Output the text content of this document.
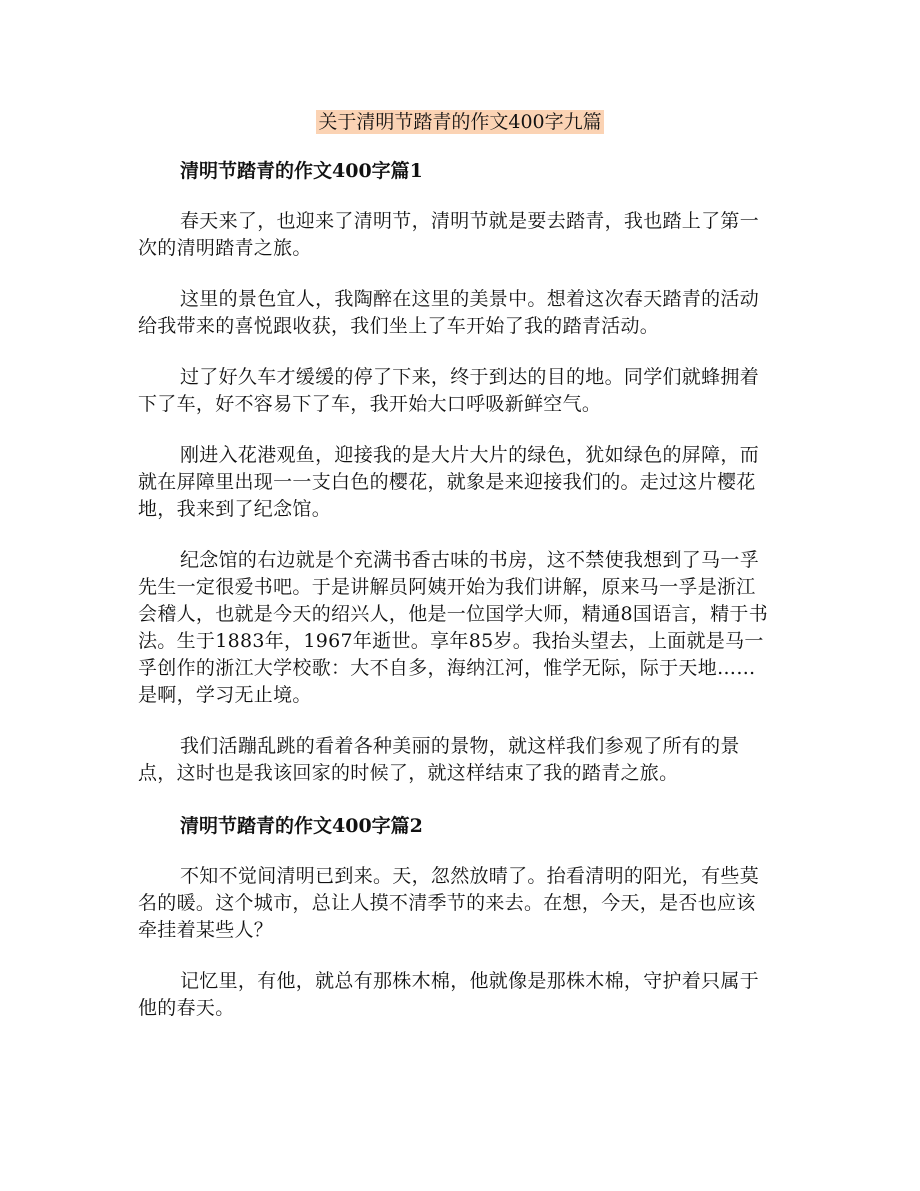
关于清明节踏青的作文400字九篇
清明节踏青的作文400字篇1

春天来了，也迎来了清明节，清明节就是要去踏青，我也踏上了第一次的清明踏青之旅。

这里的景色宜人，我陶醉在这里的美景中。想着这次春天踏青的活动给我带来的喜悦跟收获，我们坐上了车开始了我的踏青活动。

过了好久车才缓缓的停了下来，终于到达的目的地。同学们就蜂拥着下了车，好不容易下了车，我开始大口呼吸新鲜空气。

刚进入花港观鱼，迎接我的是大片大片的绿色，犹如绿色的屏障，而就在屏障里出现一一支白色的樱花，就象是来迎接我们的。走过这片樱花地，我来到了纪念馆。

纪念馆的右边就是个充满书香古味的书房，这不禁使我想到了马一孚先生一定很爱书吧。于是讲解员阿姨开始为我们讲解，原来马一孚是浙江会稽人，也就是今天的绍兴人，他是一位国学大师，精通8国语言，精于书法。生于1883年，1967年逝世。享年85岁。我抬头望去，上面就是马一孚创作的浙江大学校歌：大不自多，海纳江河，惟学无际，际于天地……是啊，学习无止境。

我们活蹦乱跳的看着各种美丽的景物，就这样我们参观了所有的景点，这时也是我该回家的时候了，就这样结束了我的踏青之旅。

清明节踏青的作文400字篇2

不知不觉间清明已到来。天，忽然放晴了。抬看清明的阳光，有些莫名的暖。这个城市，总让人摸不清季节的来去。在想，今天，是否也应该牵挂着某些人？

记忆里，有他，就总有那株木棉，他就像是那株木棉，守护着只属于他的春天。
